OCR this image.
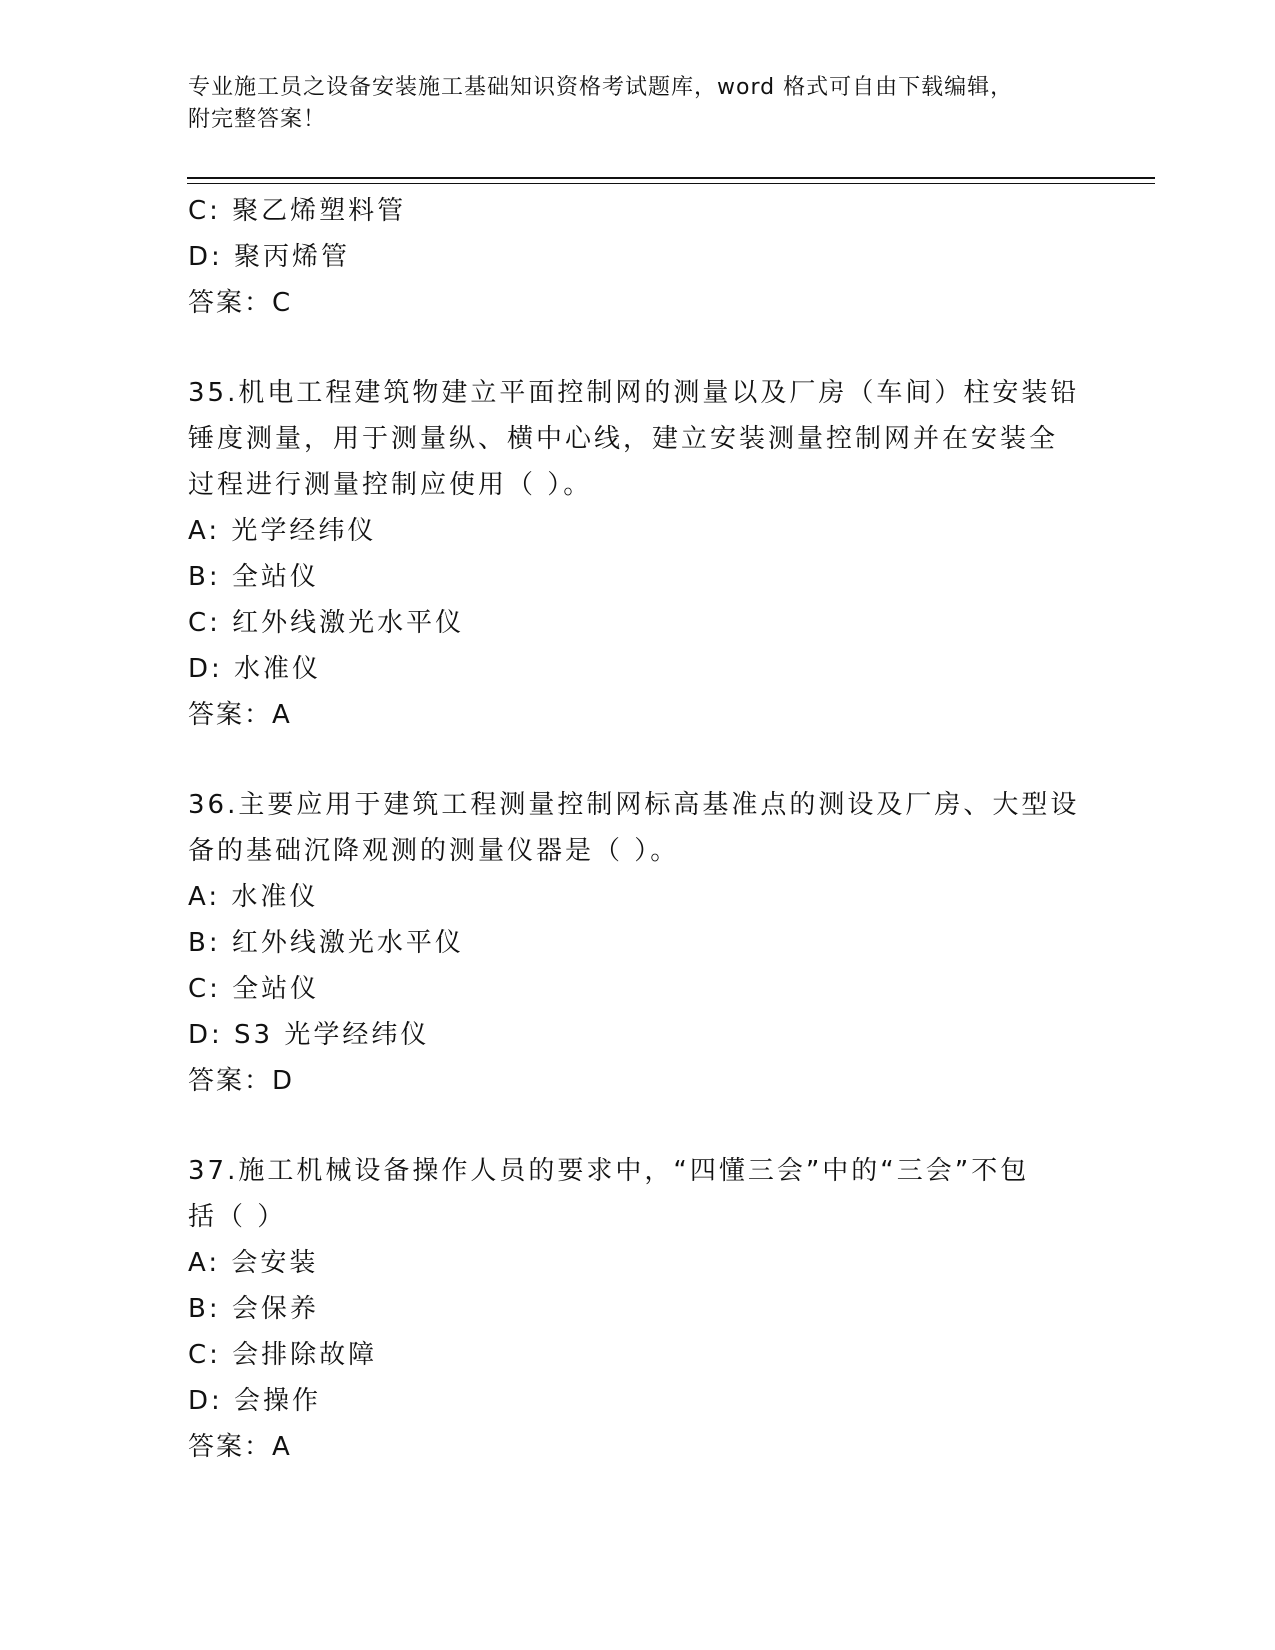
专业施工员之设备安装施工基础知识资格考试题库，word 格式可自由下载编辑，
附完整答案！
C: 聚乙烯塑料管
D: 聚丙烯管
答案：C
35.机电工程建筑物建立平面控制网的测量以及厂房（车间）柱安装铅
锤度测量，用于测量纵、横中心线，建立安装测量控制网并在安装全
过程进行测量控制应使用（ ）。
A: 光学经纬仪
B: 全站仪
C: 红外线激光水平仪
D: 水准仪
答案：A
36.主要应用于建筑工程测量控制网标高基准点的测设及厂房、大型设
备的基础沉降观测的测量仪器是（ ）。
A: 水准仪
B: 红外线激光水平仪
C: 全站仪
D: S3 光学经纬仪
答案：D
37.施工机械设备操作人员的要求中，“四懂三会”中的“三会”不包
括（ ）
A: 会安装
B: 会保养
C: 会排除故障
D: 会操作
答案：A
